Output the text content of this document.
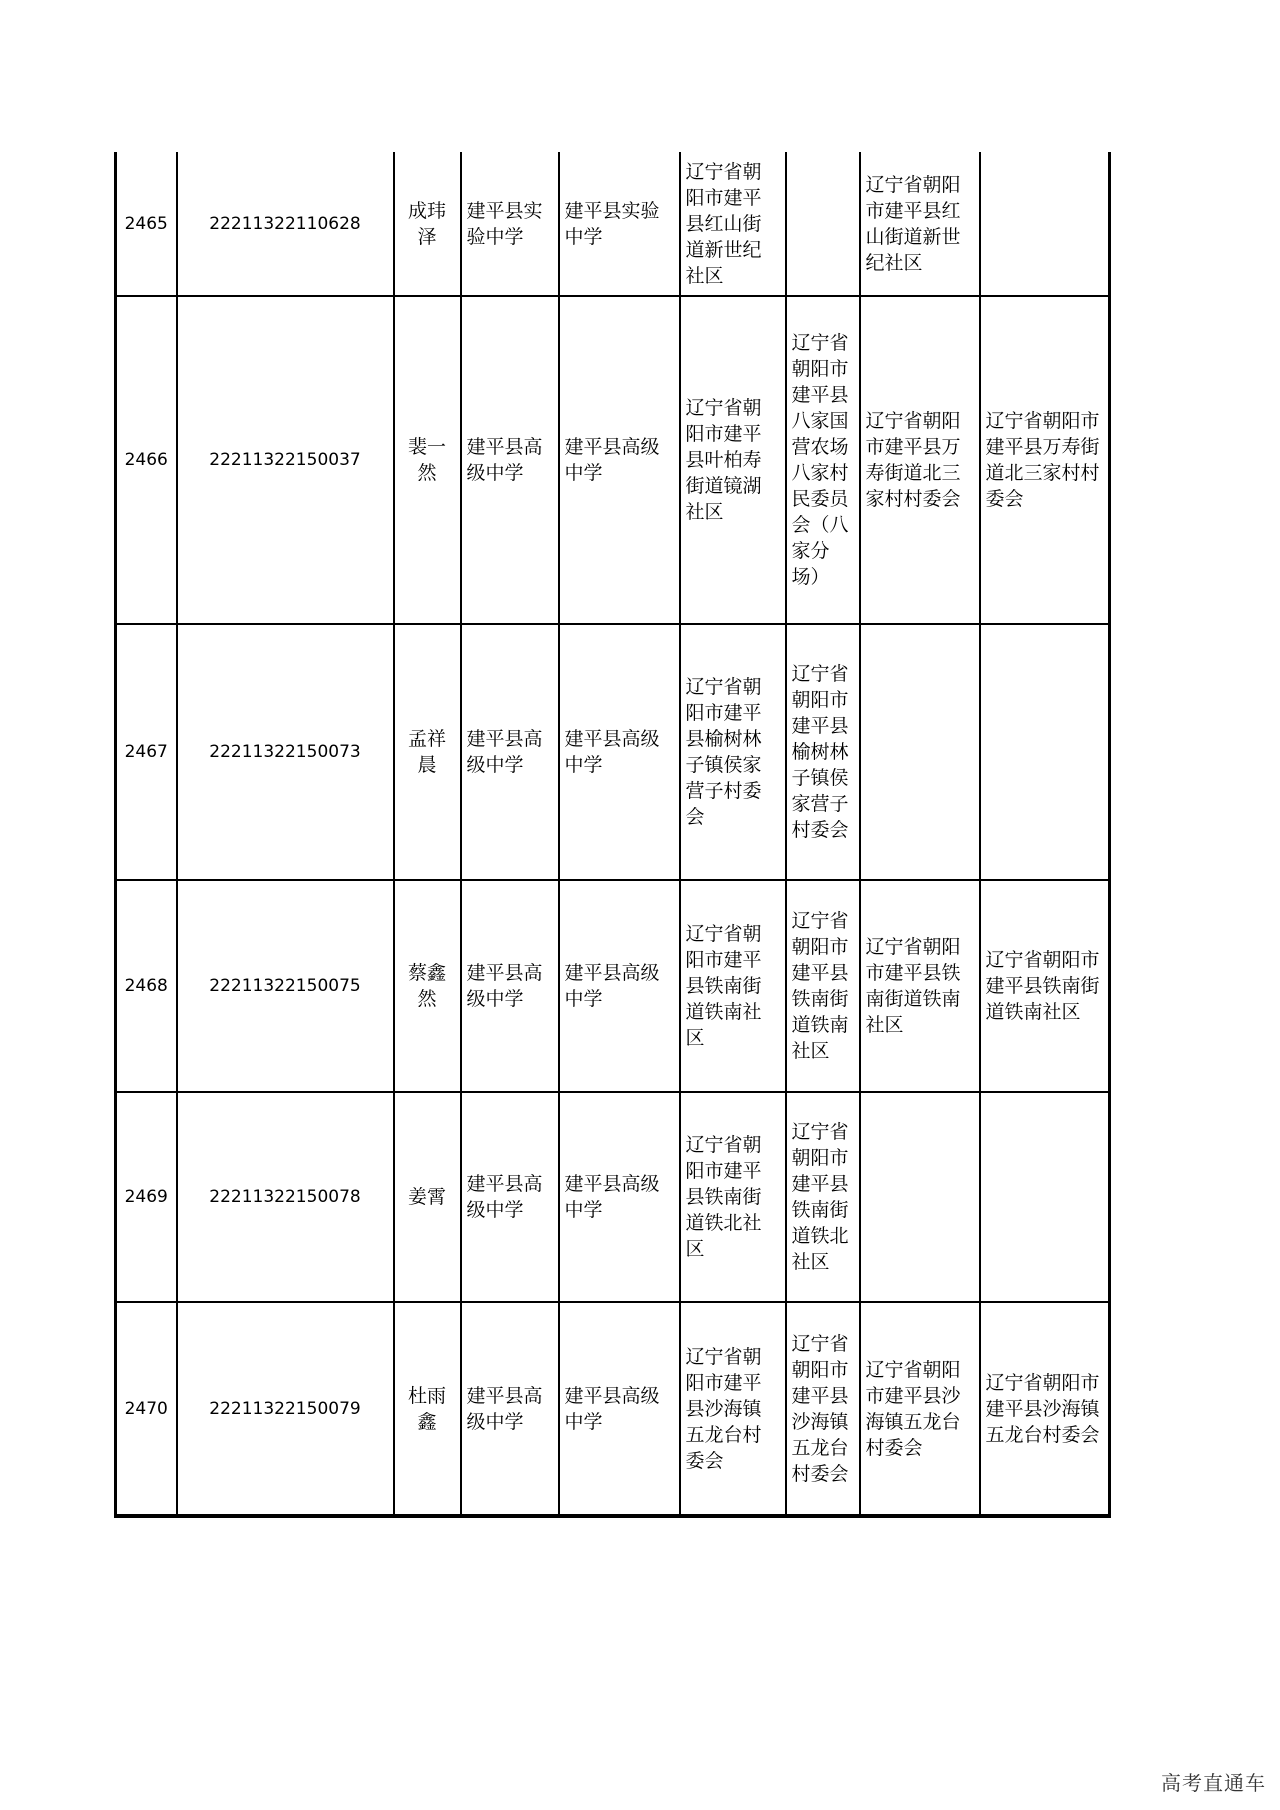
2465	22211322110628	成玮泽	建平县实验中学	建平县实验中学	辽宁省朝阳市建平县红山街道新世纪社区		辽宁省朝阳市建平县红山街道新世纪社区	
2466	22211322150037	裴一然	建平县高级中学	建平县高级中学	辽宁省朝阳市建平县叶柏寿街道镜湖社区	辽宁省朝阳市建平县八家国营农场八家村民委员会（八家分场）	辽宁省朝阳市建平县万寿街道北三家村村委会	辽宁省朝阳市建平县万寿街道北三家村村委会
2467	22211322150073	孟祥晨	建平县高级中学	建平县高级中学	辽宁省朝阳市建平县榆树林子镇侯家营子村委会	辽宁省朝阳市建平县榆树林子镇侯家营子村委会		
2468	22211322150075	蔡鑫然	建平县高级中学	建平县高级中学	辽宁省朝阳市建平县铁南街道铁南社区	辽宁省朝阳市建平县铁南街道铁南社区	辽宁省朝阳市建平县铁南街道铁南社区	辽宁省朝阳市建平县铁南街道铁南社区
2469	22211322150078	姜霄	建平县高级中学	建平县高级中学	辽宁省朝阳市建平县铁南街道铁北社区	辽宁省朝阳市建平县铁南街道铁北社区		
2470	22211322150079	杜雨鑫	建平县高级中学	建平县高级中学	辽宁省朝阳市建平县沙海镇五龙台村委会	辽宁省朝阳市建平县沙海镇五龙台村委会	辽宁省朝阳市建平县沙海镇五龙台村委会	辽宁省朝阳市建平县沙海镇五龙台村委会
高考直通车
